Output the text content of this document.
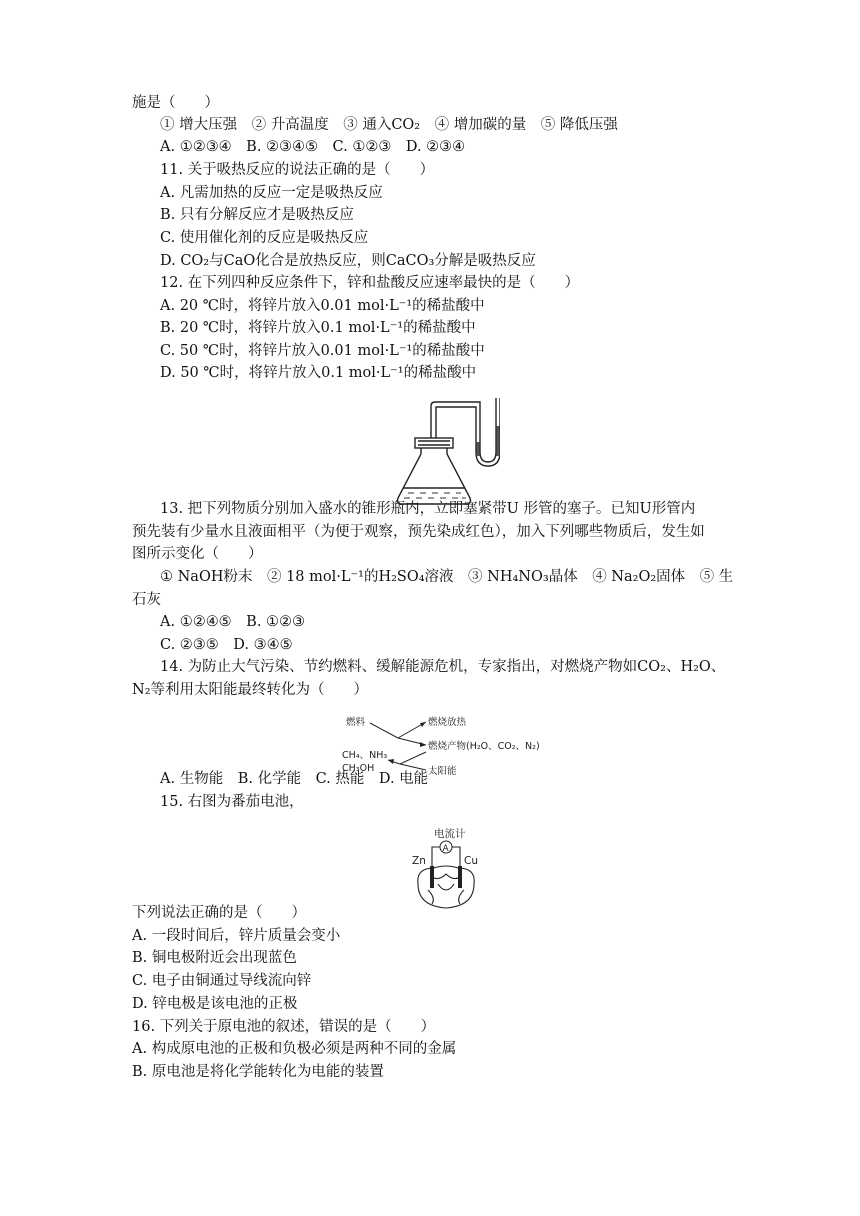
施是（　　）
① 增大压强　② 升高温度　③ 通入CO₂　④ 增加碳的量　⑤ 降低压强
A. ①②③④　B. ②③④⑤　C. ①②③　D. ②③④
11. 关于吸热反应的说法正确的是（　　）
A. 凡需加热的反应一定是吸热反应
B. 只有分解反应才是吸热反应
C. 使用催化剂的反应是吸热反应
D. CO₂与CaO化合是放热反应，则CaCO₃分解是吸热反应
12. 在下列四种反应条件下，锌和盐酸反应速率最快的是（　　）
A. 20 ℃时，将锌片放入0.01 mol·L⁻¹的稀盐酸中
B. 20 ℃时，将锌片放入0.1 mol·L⁻¹的稀盐酸中
C. 50 ℃时，将锌片放入0.01 mol·L⁻¹的稀盐酸中
D. 50 ℃时，将锌片放入0.1 mol·L⁻¹的稀盐酸中
13. 把下列物质分别加入盛水的锥形瓶内，立即塞紧带U 形管的塞子。已知U形管内
预先装有少量水且液面相平（为便于观察，预先染成红色），加入下列哪些物质后，发生如
图所示变化（　　）
① NaOH粉末　② 18 mol·L⁻¹的H₂SO₄溶液　③ NH₄NO₃晶体　④ Na₂O₂固体　⑤ 生
石灰
A. ①②④⑤　B. ①②③
C. ②③⑤　D. ③④⑤
14. 为防止大气污染、节约燃料、缓解能源危机，专家指出，对燃烧产物如CO₂、H₂O、
N₂等利用太阳能最终转化为（　　）
A. 生物能　B. 化学能　C. 热能　D. 电能
15. 右图为番茄电池，
下列说法正确的是（　　）
A. 一段时间后，锌片质量会变小
B. 铜电极附近会出现蓝色
C. 电子由铜通过导线流向锌
D. 锌电极是该电池的正极
16. 下列关于原电池的叙述，错误的是（　　）
A. 构成原电池的正极和负极必须是两种不同的金属
B. 原电池是将化学能转化为电能的装置
燃料	燃烧放热
燃烧产物(H₂O、CO₂、N₂)
CH₄、NH₃
CH₃OH	太阳能
电流计
A
Zn	Cu
